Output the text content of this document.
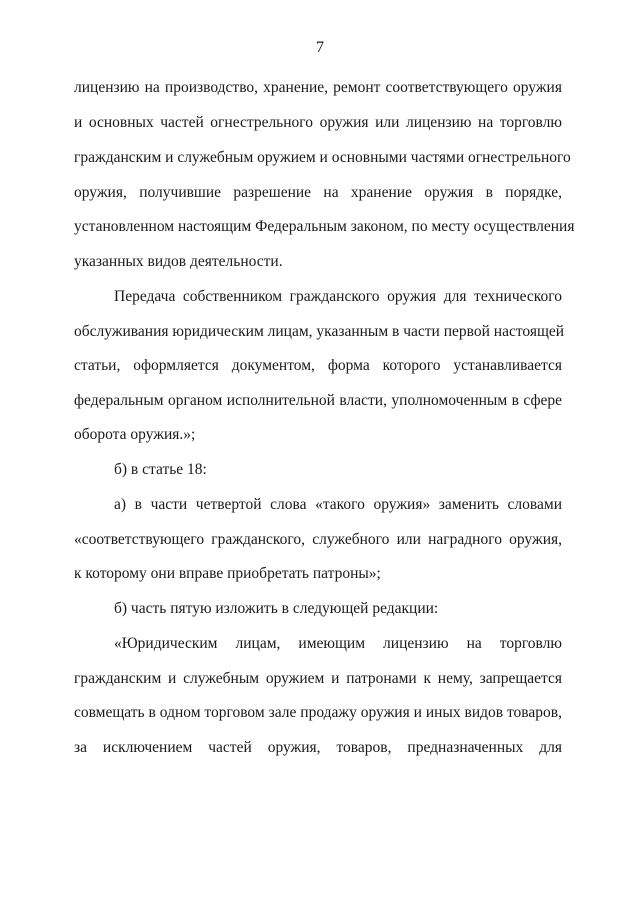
7
лицензию на производство, хранение, ремонт соответствующего оружия
и основных частей огнестрельного оружия или лицензию на торговлю
гражданским и служебным оружием и основными частями огнестрельного
оружия, получившие разрешение на хранение оружия в порядке,
установленном настоящим Федеральным законом, по месту осуществления
указанных видов деятельности.
Передача собственником гражданского оружия для технического
обслуживания юридическим лицам, указанным в части первой настоящей
статьи, оформляется документом, форма которого устанавливается
федеральным органом исполнительной власти, уполномоченным в сфере
оборота оружия.»;
б) в статье 18:
а) в части четвертой слова «такого оружия» заменить словами
«соответствующего гражданского, служебного или наградного оружия,
к которому они вправе приобретать патроны»;
б) часть пятую изложить в следующей редакции:
«Юридическим лицам, имеющим лицензию на торговлю
гражданским и служебным оружием и патронами к нему, запрещается
совмещать в одном торговом зале продажу оружия и иных видов товаров,
за исключением частей оружия, товаров, предназначенных для
